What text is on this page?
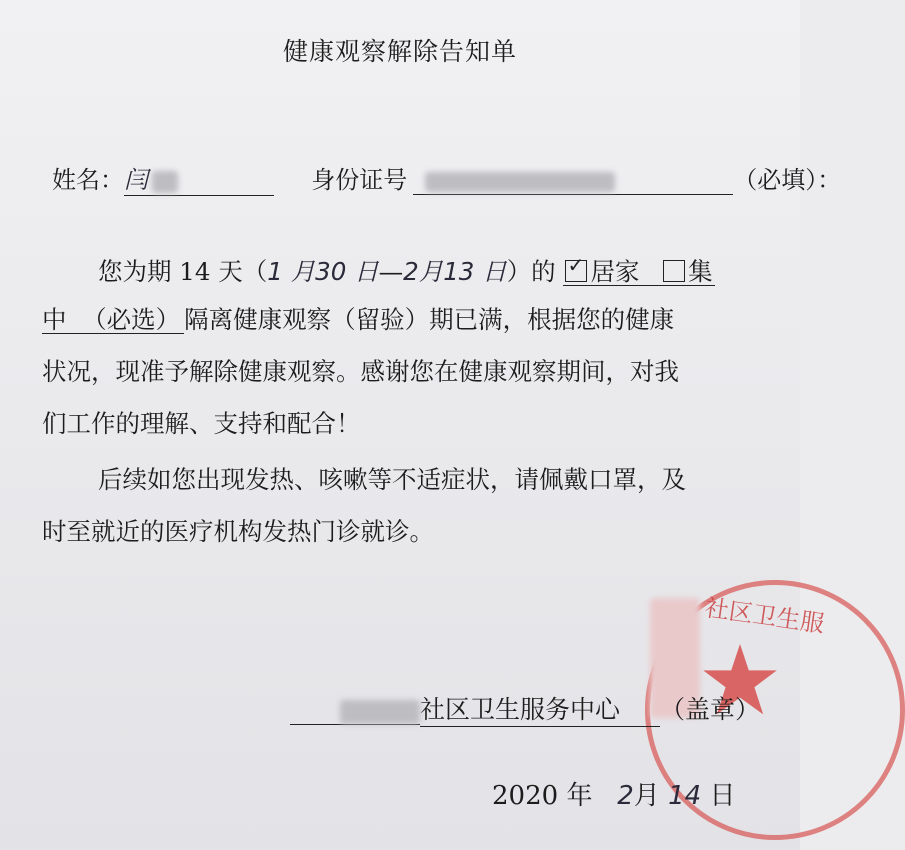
健康观察解除告知单
姓名：闫	身份证号	（必填）：
您为期 14 天（1 月30 日—2月13 日）的 ✓ 居家 集
中 （必选） 隔离健康观察（留验）期已满，根据您的健康
状况，现准予解除健康观察。感谢您在健康观察期间，对我
们工作的理解、支持和配合！
后续如您出现发热、咳嗽等不适症状，请佩戴口罩，及
时至就近的医疗机构发热门诊就诊。
社区卫生服
社区卫生服务中心 （盖章）
2020 年 2月 14 日
